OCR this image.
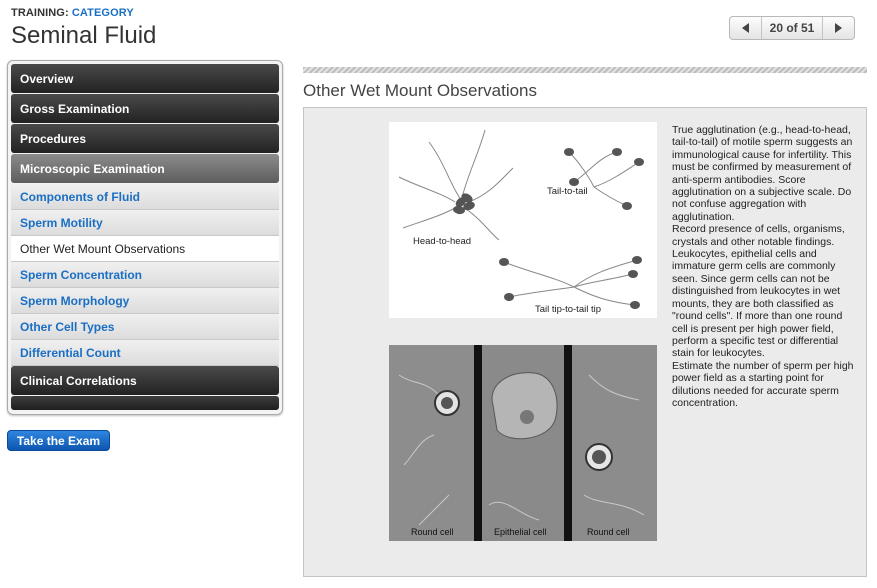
TRAINING: CATEGORY
Seminal Fluid	20 of 51
Overview
Gross Examination
Procedures
Microscopic Examination
Components of Fluid
Sperm Motility
Other Wet Mount Observations
Sperm Concentration
Sperm Morphology
Other Cell Types
Differential Count
Clinical Correlations
Take the Exam
Other Wet Mount Observations
Tail-to-tail
Head-to-head
Tail tip-to-tail tip
Round cell	Epithelial cell	Round cell

True agglutination (e.g., head-to-head, tail-to-tail) of motile sperm suggests an immunological cause for infertility. This must be confirmed by measurement of anti-sperm antibodies. Score agglutination on a subjective scale. Do not confuse aggregation with agglutination.

Record presence of cells, organisms, crystals and other notable findings. Leukocytes, epithelial cells and immature germ cells are commonly seen. Since germ cells can not be distinguished from leukocytes in wet mounts, they are both classified as "round cells". If more than one round cell is present per high power field, perform a specific test or differential stain for leukocytes.

Estimate the number of sperm per high power field as a starting point for dilutions needed for accurate sperm concentration.
